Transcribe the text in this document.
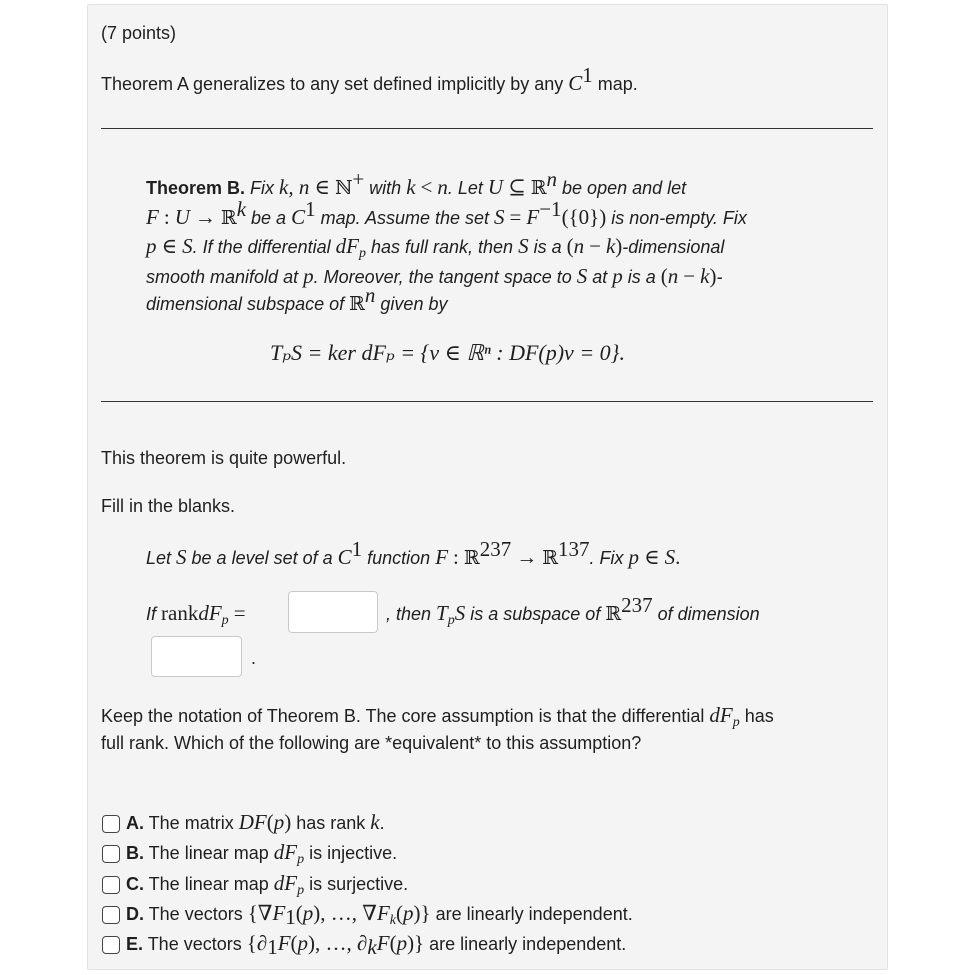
(7 points)
Theorem A generalizes to any set defined implicitly by any $C^1$ map.
Theorem B. Fix k, n ∈ ℕ+ with k < n. Let U ⊆ ℝ$^n$ be open and let
F : U → ℝ$^k$ be a $C^1$ map. Assume the set $S = F^{-1}(\{0\})$ is non-empty. Fix
p ∈ S. If the differential $dF_p$ has full rank, then S is a (n − k)-dimensional
smooth manifold at p. Moreover, the tangent space to S at p is a (n − k)-
dimensional subspace of ℝ$^n$ given by
TₚS = ker dFₚ = {v ∈ ℝⁿ : DF(p)v = 0}.
This theorem is quite powerful.
Fill in the blanks.
Let S be a level set of a $C^1$ function F : ℝ$^{237}$ → ℝ$^{137}$. Fix p ∈ S.
If rankdF$_p$ =	, then $T_pS$ is a subspace of ℝ$^{237}$ of dimension
.
Keep the notation of Theorem B. The core assumption is that the differential $dF_p$ has
full rank. Which of the following are *equivalent* to this assumption?
A. The matrix DF(p) has rank k.
B. The linear map $dF_p$ is injective.
C. The linear map $dF_p$ is surjective.
D. The vectors {$\nabla F_1(p)$, …, $\nabla F_k(p)$} are linearly independent.
E. The vectors {$\partial_1F(p)$, …, $\partial_kF(p)$} are linearly independent.
